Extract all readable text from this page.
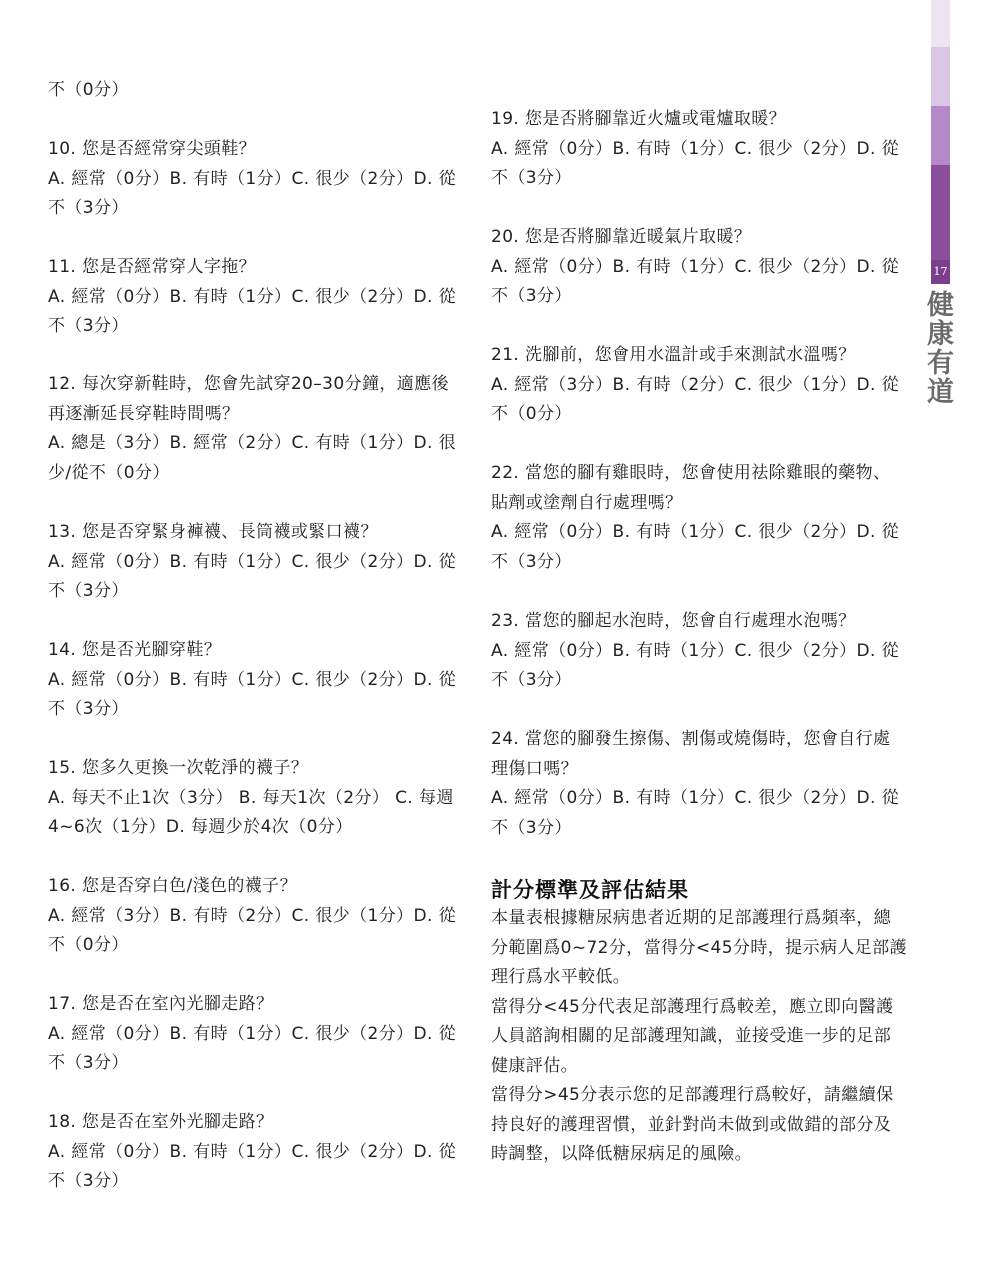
不（0分）
10. 您是否經常穿尖頭鞋？
A. 經常（0分）B. 有時（1分）C. 很少（2分）D. 從
不（3分）
11. 您是否經常穿人字拖？
A. 經常（0分）B. 有時（1分）C. 很少（2分）D. 從
不（3分）
12. 每次穿新鞋時，您會先試穿20–30分鐘，適應後
再逐漸延長穿鞋時間嗎？
A. 總是（3分）B. 經常（2分）C. 有時（1分）D. 很
少/從不（0分）
13. 您是否穿緊身褲襪、長筒襪或緊口襪？
A. 經常（0分）B. 有時（1分）C. 很少（2分）D. 從
不（3分）
14. 您是否光腳穿鞋？
A. 經常（0分）B. 有時（1分）C. 很少（2分）D. 從
不（3分）
15. 您多久更換一次乾淨的襪子？
A. 每天不止1次（3分） B. 每天1次（2分） C. 每週
4~6次（1分）D. 每週少於4次（0分）
16. 您是否穿白色/淺色的襪子？
A. 經常（3分）B. 有時（2分）C. 很少（1分）D. 從
不（0分）
17. 您是否在室內光腳走路？
A. 經常（0分）B. 有時（1分）C. 很少（2分）D. 從
不（3分）
18. 您是否在室外光腳走路？
A. 經常（0分）B. 有時（1分）C. 很少（2分）D. 從
不（3分）
19. 您是否將腳靠近火爐或電爐取暖？
A. 經常（0分）B. 有時（1分）C. 很少（2分）D. 從
不（3分）
20. 您是否將腳靠近暖氣片取暖？
A. 經常（0分）B. 有時（1分）C. 很少（2分）D. 從
不（3分）
21. 洗腳前，您會用水溫計或手來測試水溫嗎？
A. 經常（3分）B. 有時（2分）C. 很少（1分）D. 從
不（0分）
22. 當您的腳有雞眼時，您會使用祛除雞眼的藥物、
貼劑或塗劑自行處理嗎？
A. 經常（0分）B. 有時（1分）C. 很少（2分）D. 從
不（3分）
23. 當您的腳起水泡時，您會自行處理水泡嗎？
A. 經常（0分）B. 有時（1分）C. 很少（2分）D. 從
不（3分）
24. 當您的腳發生擦傷、割傷或燒傷時，您會自行處
理傷口嗎？
A. 經常（0分）B. 有時（1分）C. 很少（2分）D. 從
不（3分）
計分標準及評估結果

本量表根據糖尿病患者近期的足部護理行爲頻率，總

分範圍爲0~72分，當得分<45分時，提示病人足部護

理行爲水平較低。

當得分<45分代表足部護理行爲較差，應立即向醫護

人員諮詢相關的足部護理知識，並接受進一步的足部

健康評估。

當得分>45分表示您的足部護理行爲較好，請繼續保

持良好的護理習慣，並針對尚未做到或做錯的部分及

時調整，以降低糖尿病足的風險。

17
健康有道
